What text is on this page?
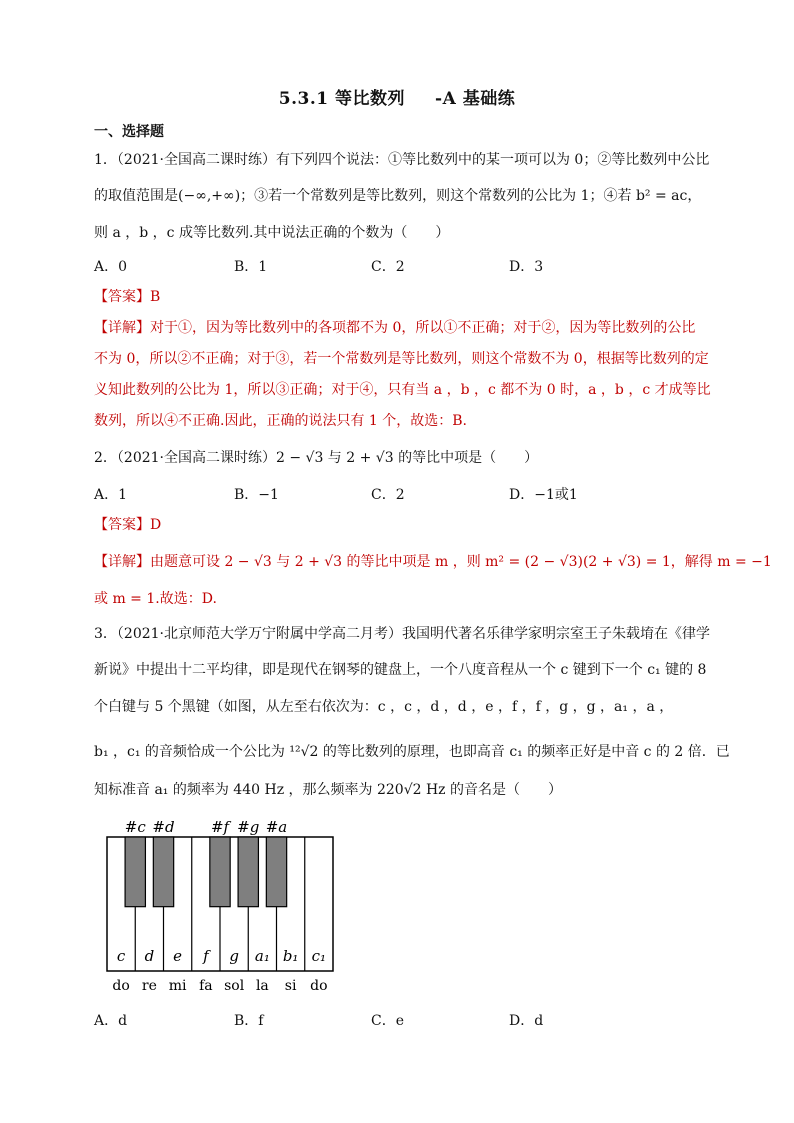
5.3.1 等比数列 -A 基础练
一、选择题
1．（2021·全国高二课时练）有下列四个说法：①等比数列中的某一项可以为 0；②等比数列中公比
的取值范围是(−∞,+∞)；③若一个常数列是等比数列，则这个常数列的公比为 1；④若 b² = ac，
则 a ，b ，c 成等比数列.其中说法正确的个数为（　　）
A．0	B．1	C．2	D．3
【答案】B
【详解】对于①，因为等比数列中的各项都不为 0，所以①不正确；对于②，因为等比数列的公比
不为 0，所以②不正确；对于③，若一个常数列是等比数列，则这个常数不为 0，根据等比数列的定
义知此数列的公比为 1，所以③正确；对于④，只有当 a ，b ，c 都不为 0 时，a ，b ，c 才成等比
数列，所以④不正确.因此，正确的说法只有 1 个，故选：B.
2．（2021·全国高二课时练）2 − √3 与 2 + √3 的等比中项是（　　）
A．1	B．−1	C．2	D．−1或1
【答案】D
【详解】由题意可设 2 − √3 与 2 + √3 的等比中项是 m ，则 m² = (2 − √3)(2 + √3) = 1，解得 m = −1
或 m = 1.故选：D.
3．（2021·北京师范大学万宁附属中学高二月考）我国明代著名乐律学家明宗室王子朱载堉在《律学
新说》中提出十二平均律，即是现代在钢琴的键盘上，一个八度音程从一个 c 键到下一个 c₁ 键的 8
个白键与 5 个黑键（如图，从左至右依次为：c ，c ，d ，d ，e ，f ，f ，g ，g ，a₁ ，a ，
b₁ ，c₁ 的音频恰成一个公比为 ¹²√2 的等比数列的原理，也即高音 c₁ 的频率正好是中音 c 的 2 倍．已
知标准音 a₁ 的频率为 440 Hz ，那么频率为 220√2 Hz 的音名是（　　）
#c #d #f #g #a
c d e f g a₁ b₁ c₁
do re mi fa sol la si do
A．d	B．f	C．e	D．d
